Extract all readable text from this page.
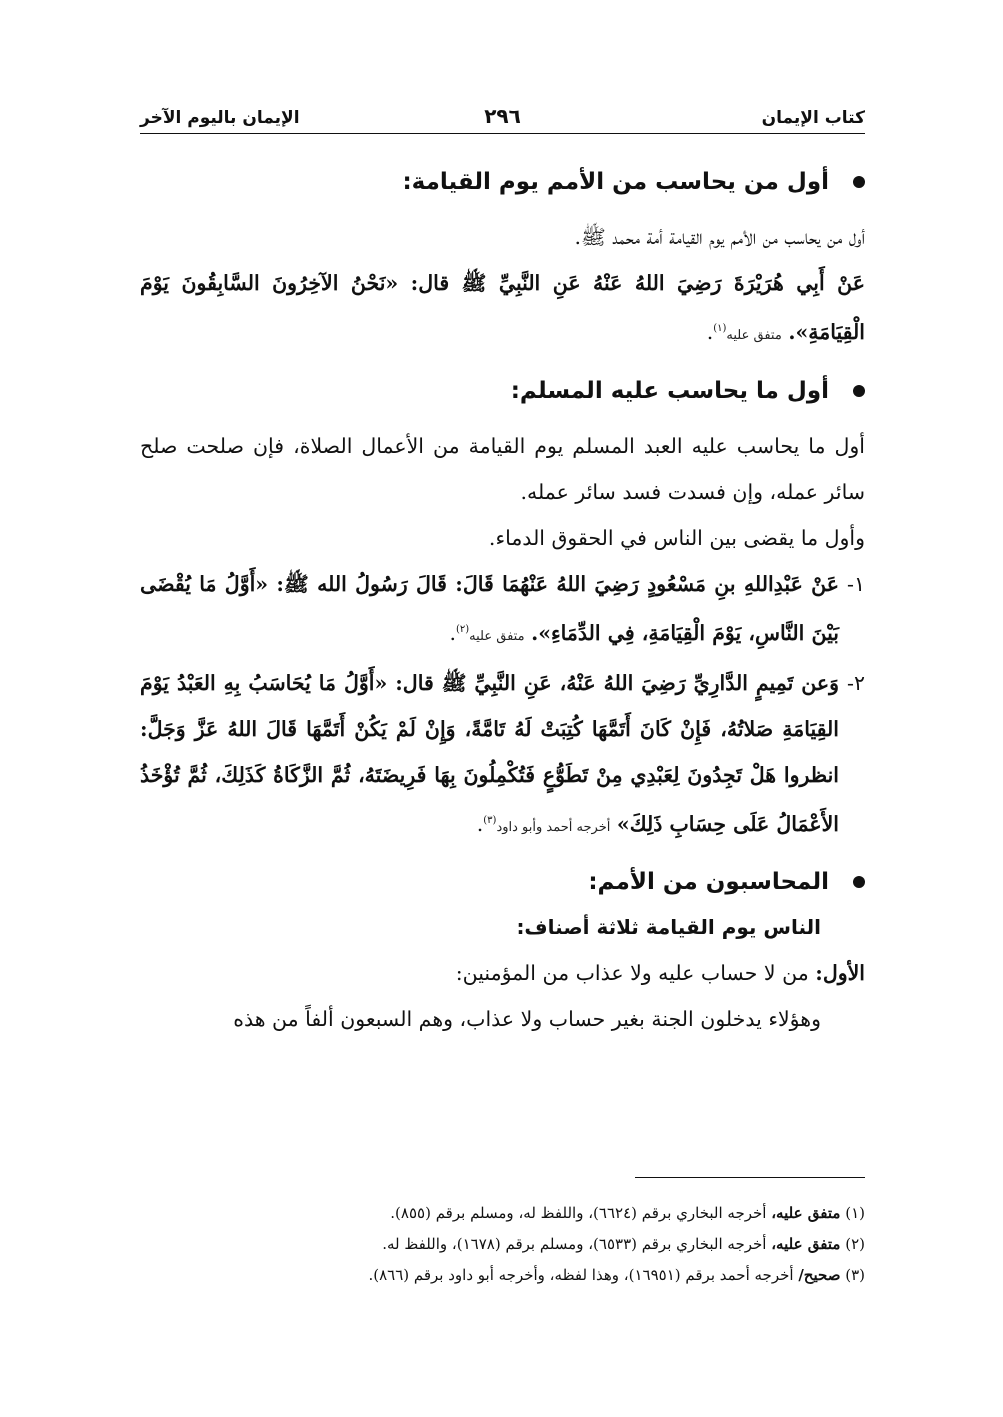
كتاب الإيمان
٢٩٦
الإيمان باليوم الآخر
أول من يحاسب من الأمم يوم القيامة:

أول من يحاسب من الأمم يوم القيامة أمة محمد ﷺ.

عَنْ أَبِي هُرَيْرَةَ رَضِيَ اللهُ عَنْهُ عَنِ النَّبِيِّ ﷺ قال: «نَحْنُ الآخِرُونَ السَّابِقُونَ يَوْمَ الْقِيَامَةِ». متفق عليه$^{(١)}$.

أول ما يحاسب عليه المسلم:

أول ما يحاسب عليه العبد المسلم يوم القيامة من الأعمال الصلاة، فإن صلحت صلح سائر عمله، وإن فسدت فسد سائر عمله.

وأول ما يقضى بين الناس في الحقوق الدماء.

١-
عَنْ عَبْدِاللهِ بنِ مَسْعُودٍ رَضِيَ اللهُ عَنْهُمَا قَالَ: قَالَ رَسُولُ الله ﷺ: «أَوَّلُ مَا يُقْضَى بَيْنَ النَّاسِ، يَوْمَ الْقِيَامَةِ، فِي الدِّمَاءِ». متفق عليه$^{(٢)}$.
٢-
وَعن تَمِيمٍ الدَّارِيِّ رَضِيَ اللهُ عَنْهُ، عَنِ النَّبِيِّ ﷺ قال: «أَوَّلُ مَا يُحَاسَبُ بِهِ العَبْدُ يَوْمَ القِيَامَةِ صَلاتُهُ، فَإِنْ كَانَ أَتَمَّهَا كُتِبَتْ لَهُ تَامَّةً، وَإِنْ لَمْ يَكُنْ أَتَمَّهَا قَالَ اللهُ عَزَّ وَجَلَّ: انظروا هَلْ تَجِدُونَ لِعَبْدِي مِنْ تَطَوُّعٍ فَتُكْمِلُونَ بِهَا فَرِيضَتَهُ، ثُمَّ الزَّكَاةُ كَذَلِكَ، ثُمَّ تُؤْخَذُ الأَعْمَالُ عَلَى حِسَابِ ذَلِكَ» أخرجه أحمد وأبو داود$^{(٣)}$.
المحاسبون من الأمم:

الناس يوم القيامة ثلاثة أصناف:

الأول: من لا حساب عليه ولا عذاب من المؤمنين:

وهؤلاء يدخلون الجنة بغير حساب ولا عذاب، وهم السبعون ألفاً من هذه

(١) متفق عليه، أخرجه البخاري برقم (٦٦٢٤)، واللفظ له، ومسلم برقم (٨٥٥).

(٢) متفق عليه، أخرجه البخاري برقم (٦٥٣٣)، ومسلم برقم (١٦٧٨)، واللفظ له.

(٣) صحيح/ أخرجه أحمد برقم (١٦٩٥١)، وهذا لفظه، وأخرجه أبو داود برقم (٨٦٦).
